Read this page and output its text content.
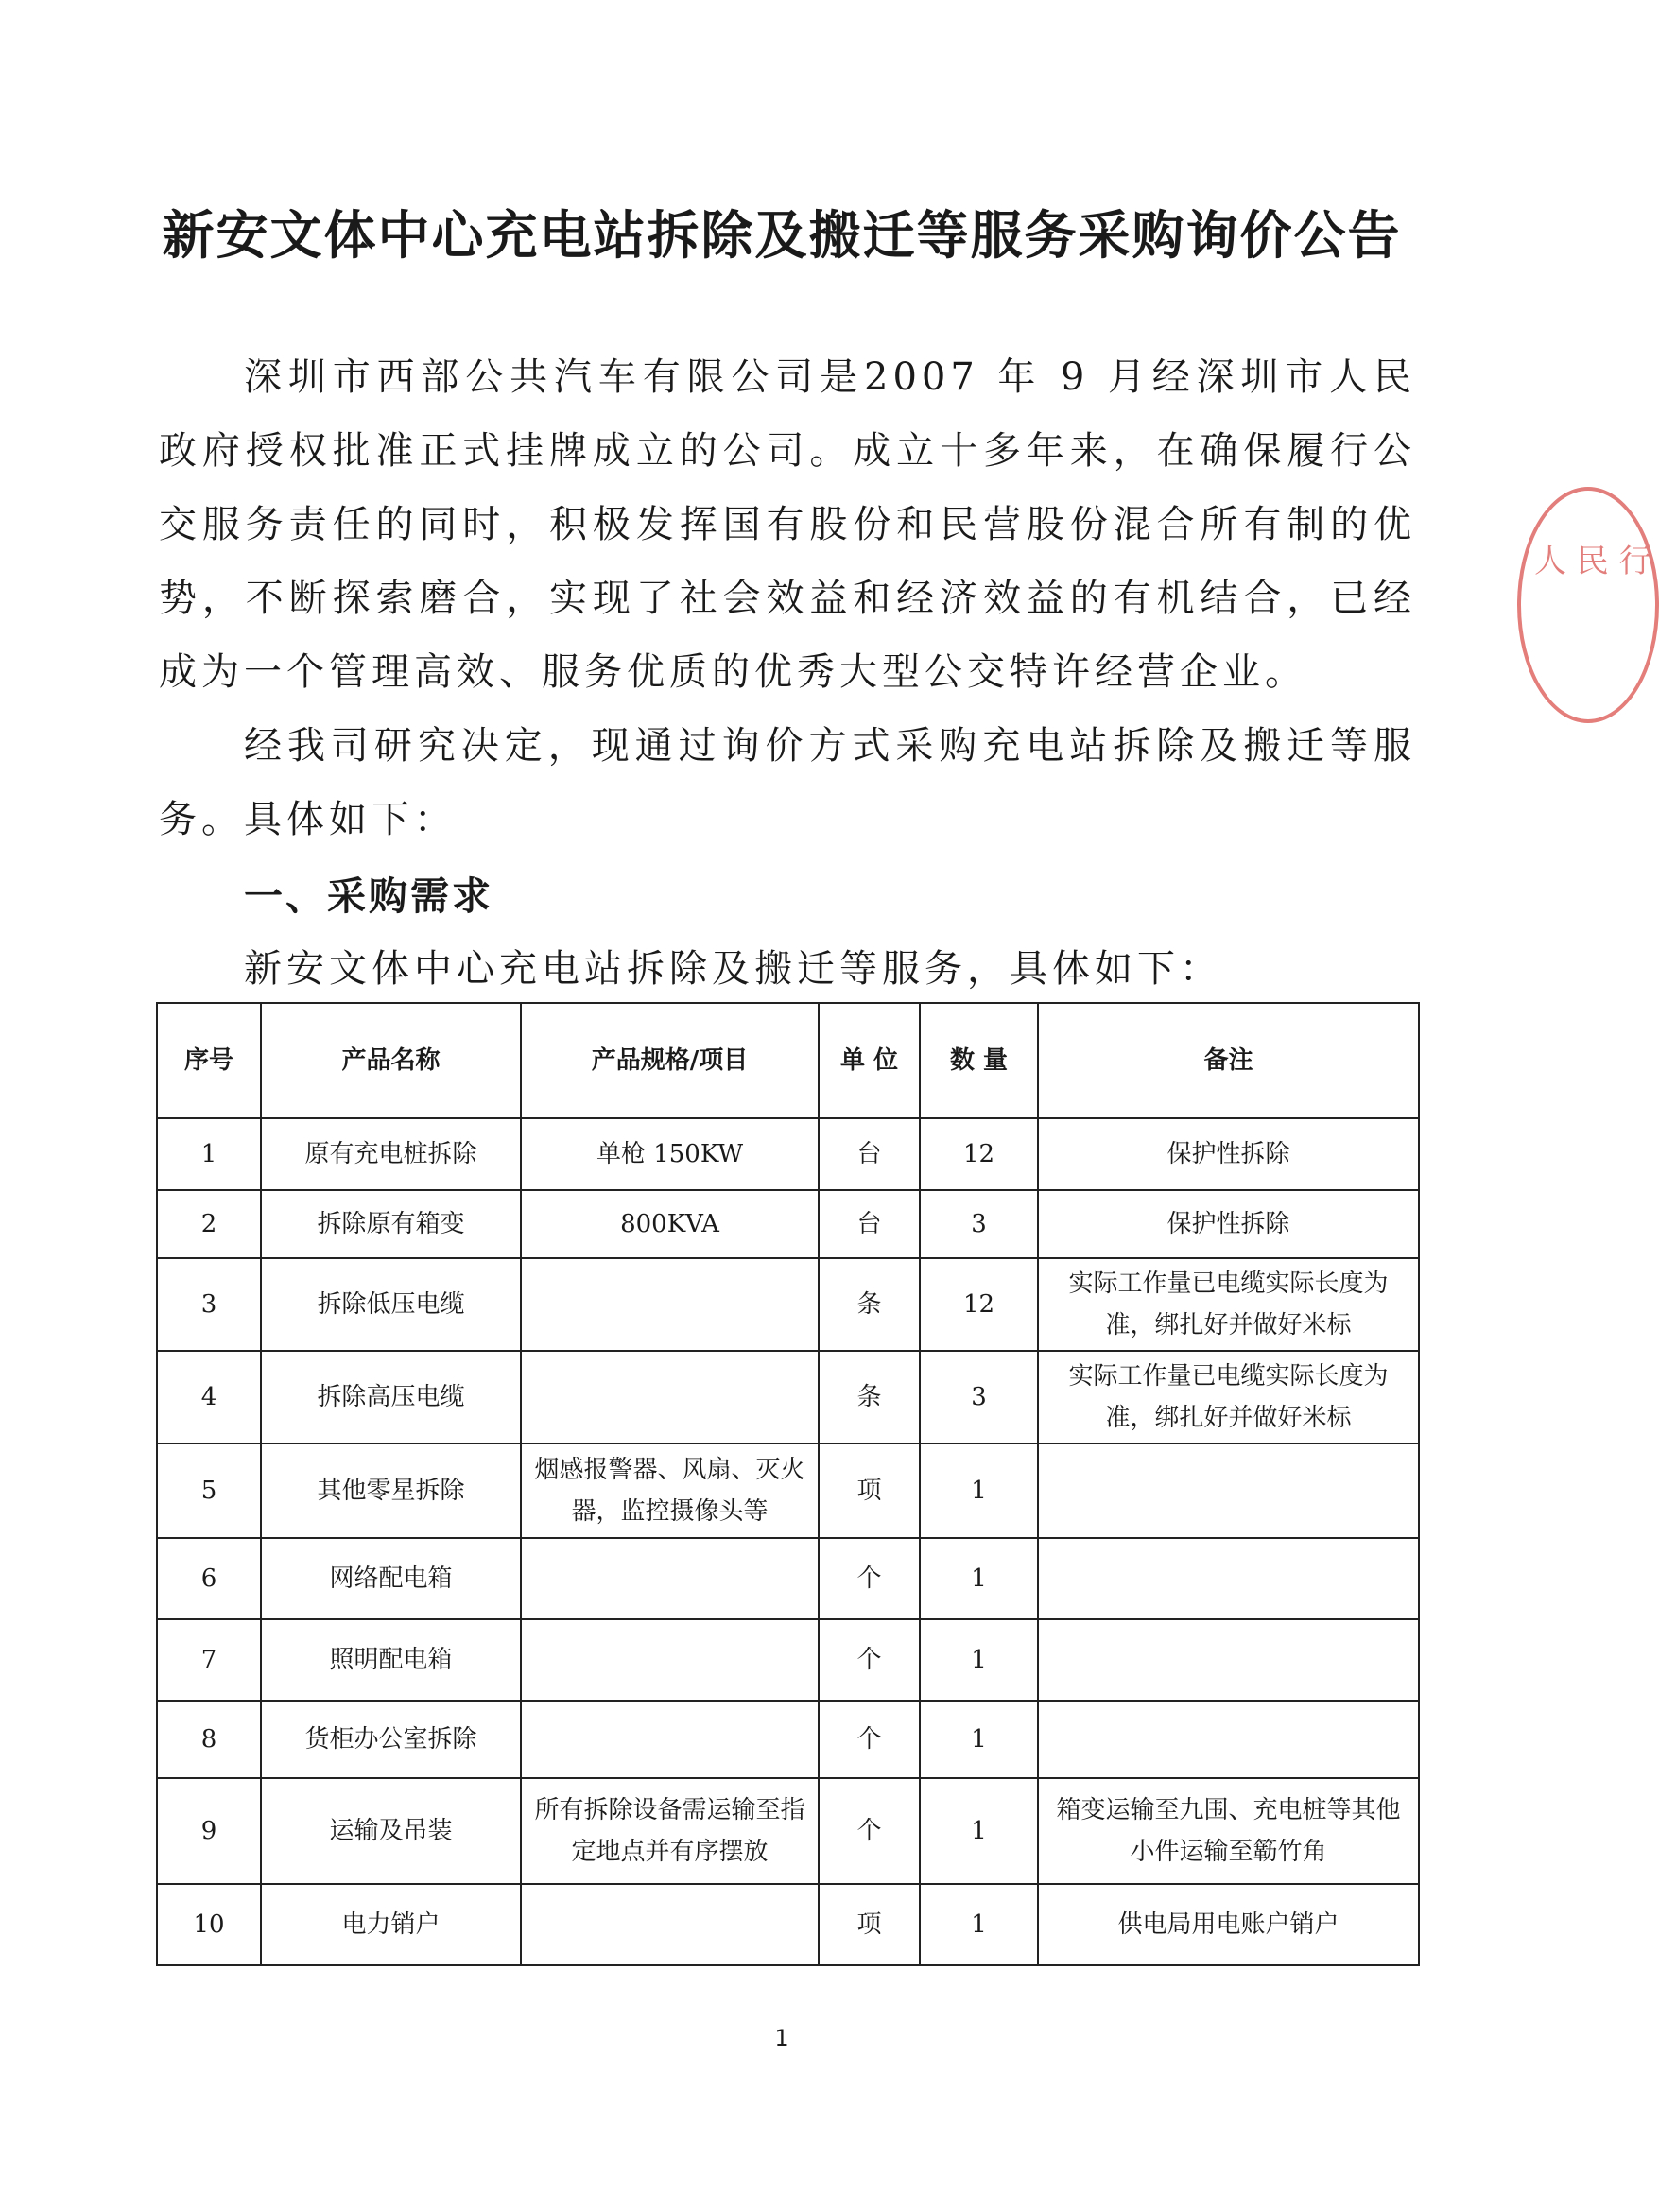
新安文体中心充电站拆除及搬迁等服务采购询价公告

深圳市西部公共汽车有限公司是2007 年 9 月经深圳市人民政府授权批准正式挂牌成立的公司。成立十多年来，在确保履行公交服务责任的同时，积极发挥国有股份和民营股份混合所有制的优势，不断探索磨合，实现了社会效益和经济效益的有机结合，已经成为一个管理高效、服务优质的优秀大型公交特许经营企业。

经我司研究决定，现通过询价方式采购充电站拆除及搬迁等服务。具体如下：

一、采购需求
新安文体中心充电站拆除及搬迁等服务，具体如下：
序号	产品名称	产品规格/项目	单 位	数 量	备注
1	原有充电桩拆除	单枪 150KW	台	12	保护性拆除
2	拆除原有箱变	800KVA	台	3	保护性拆除
3	拆除低压电缆		条	12	实际工作量已电缆实际长度为准，绑扎好并做好米标
4	拆除高压电缆		条	3	实际工作量已电缆实际长度为准，绑扎好并做好米标
5	其他零星拆除	烟感报警器、风扇、灭火器，监控摄像头等	项	1	
6	网络配电箱		个	1	
7	照明配电箱		个	1	
8	货柜办公室拆除		个	1	
9	运输及吊装	所有拆除设备需运输至指定地点并有序摆放	个	1	箱变运输至九围、充电桩等其他小件运输至簕竹角
10	电力销户		项	1	供电局用电账户销户
1
⼈ 民 ⾏
